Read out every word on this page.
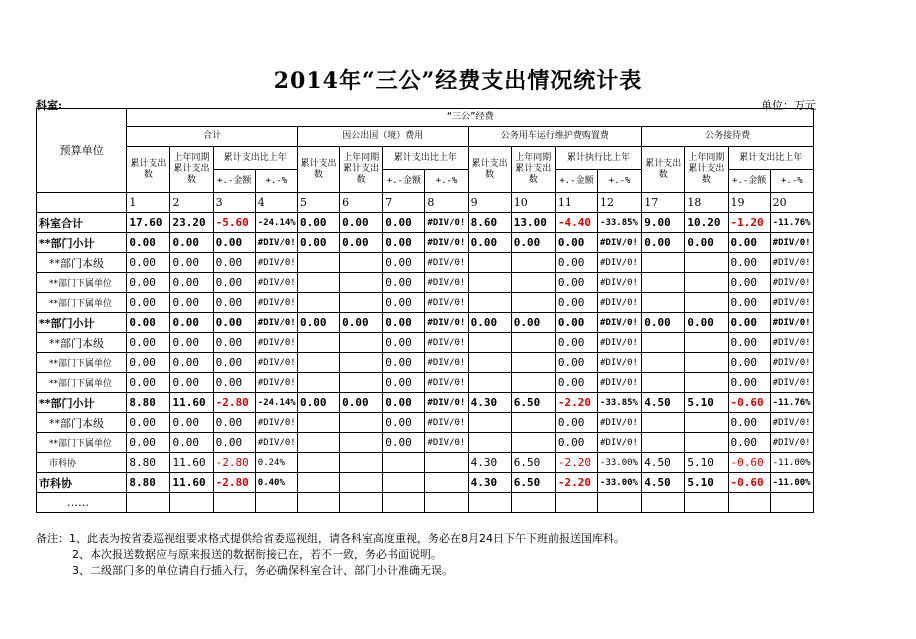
2014年“三公”经费支出情况统计表
科室:	单位：万元
预算单位	“三公”经费															
	合计				因公出国（境）费用				公务用车运行维护费购置费				公务接待费			
	累计支出数	上年同期累计支出数	累计支出比上年		累计支出数	上年同期累计支出数	累计支出比上年		累计支出数	上年同期累计支出数	累计执行比上年		累计支出数	上年同期累计支出数	累计支出比上年	
			+.-金额	+.-%			+.-金额	+.-%			+.-金额	+.-%			+.-金额	+.-%
	1	2	3	4	5	6	7	8	9	10	11	12	17	18	19	20
科室合计	17.60	23.20	-5.60	-24.14%	0.00	0.00	0.00	#DIV/0!	8.60	13.00	-4.40	-33.85%	9.00	10.20	-1.20	-11.76%
**部门小计	0.00	0.00	0.00	#DIV/0!	0.00	0.00	0.00	#DIV/0!	0.00	0.00	0.00	#DIV/0!	0.00	0.00	0.00	#DIV/0!
**部门本级	0.00	0.00	0.00	#DIV/0!			0.00	#DIV/0!			0.00	#DIV/0!			0.00	#DIV/0!
**部门下属单位	0.00	0.00	0.00	#DIV/0!			0.00	#DIV/0!			0.00	#DIV/0!			0.00	#DIV/0!
**部门下属单位	0.00	0.00	0.00	#DIV/0!			0.00	#DIV/0!			0.00	#DIV/0!			0.00	#DIV/0!
**部门小计	0.00	0.00	0.00	#DIV/0!	0.00	0.00	0.00	#DIV/0!	0.00	0.00	0.00	#DIV/0!	0.00	0.00	0.00	#DIV/0!
**部门本级	0.00	0.00	0.00	#DIV/0!			0.00	#DIV/0!			0.00	#DIV/0!			0.00	#DIV/0!
**部门下属单位	0.00	0.00	0.00	#DIV/0!			0.00	#DIV/0!			0.00	#DIV/0!			0.00	#DIV/0!
**部门下属单位	0.00	0.00	0.00	#DIV/0!			0.00	#DIV/0!			0.00	#DIV/0!			0.00	#DIV/0!
**部门小计	8.80	11.60	-2.80	-24.14%	0.00	0.00	0.00	#DIV/0!	4.30	6.50	-2.20	-33.85%	4.50	5.10	-0.60	-11.76%
**部门本级	0.00	0.00	0.00	#DIV/0!			0.00	#DIV/0!			0.00	#DIV/0!			0.00	#DIV/0!
**部门下属单位	0.00	0.00	0.00	#DIV/0!			0.00	#DIV/0!			0.00	#DIV/0!			0.00	#DIV/0!
市科协	8.80	11.60	-2.80	0.24%					4.30	6.50	-2.20	-33.00%	4.50	5.10	-0.60	-11.00%
市科协	8.80	11.60	-2.80	0.40%					4.30	6.50	-2.20	-33.00%	4.50	5.10	-0.60	-11.00%
……																
备注：1、此表为按省委巡视组要求格式提供给省委巡视组，请各科室高度重视，务必在8月24日下午下班前报送国库科。
2、本次报送数据应与原来报送的数据衔接已在，若不一致，务必书面说明。
3、二级部门多的单位请自行插入行，务必确保科室合计、部门小计准确无误。
